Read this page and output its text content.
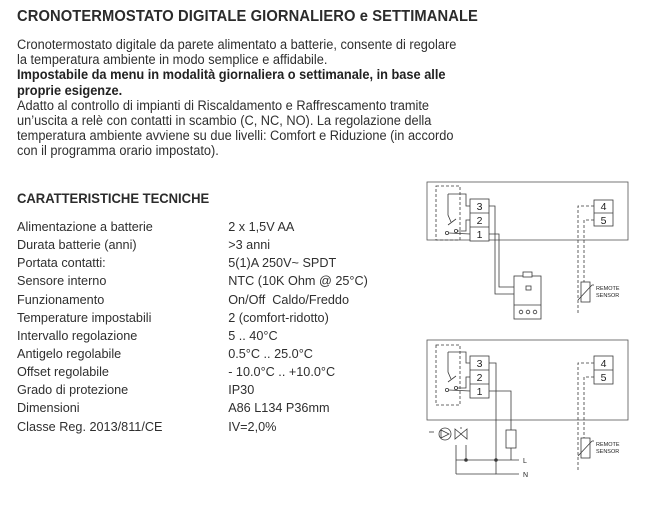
CRONOTERMOSTATO DIGITALE GIORNALIERO e SETTIMANALE

Cronotermostato digitale da parete alimentato a batterie, consente di regolare la temperatura ambiente in modo semplice e affidabile.

Impostabile da menu in modalità giornaliera o settimanale, in base alle proprie esigenze.

Adatto al controllo di impianti di Riscaldamento e Raffrescamento tramite un’uscita a relè con contatti in scambio (C, NC, NO). La regolazione della temperatura ambiente avviene su due livelli: Comfort e Riduzione (in accordo con il programma orario impostato).

CARATTERISTICHE TECNICHE
Alimentazione a batterie	2 x 1,5V AA
Durata batterie (anni)	>3 anni
Portata contatti:	5(1)A 250V~ SPDT
Sensore interno	NTC (10K Ohm @ 25°C)
Funzionamento	On/Off  Caldo/Freddo
Temperature impostabili	2 (comfort-ridotto)
Intervallo regolazione	5 .. 40°C
Antigelo regolabile	0.5°C .. 25.0°C
Offset regolabile	- 10.0°C .. +10.0°C
Grado di protezione	IP30
Dimensioni	A86 L134 P36mm
Classe Reg. 2013/811/CE	IV=2,0%
3
2
1
4
5
REMOTE
SENSOR
3
2
1
4
5
REMOTE
SENSOR
L
N
